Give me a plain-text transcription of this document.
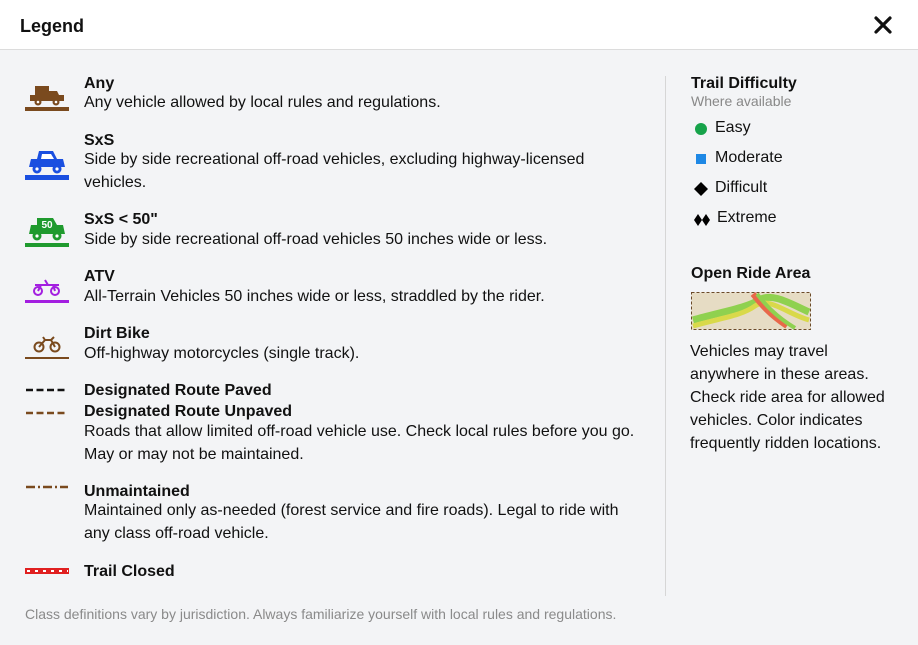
Legend
Any
Any vehicle allowed by local rules and regulations.
SxS
Side by side recreational off-road vehicles, excluding highway-licensed
vehicles.
50 SxS < 50"
Side by side recreational off-road vehicles 50 inches wide or less.
ATV
All-Terrain Vehicles 50 inches wide or less, straddled by the rider.
Dirt Bike
Off-highway motorcycles (single track).
Designated Route Paved
Designated Route Unpaved
Roads that allow limited off-road vehicle use. Check local rules before you go.
May or may not be maintained.
Unmaintained
Maintained only as-needed (forest service and fire roads). Legal to ride with
any class off-road vehicle.
Trail Closed
Trail Difficulty
Where available
Easy
Moderate
Difficult
Extreme
Open Ride Area
Vehicles may travel
anywhere in these areas.
Check ride area for allowed
vehicles. Color indicates
frequently ridden locations.
Class definitions vary by jurisdiction. Always familiarize yourself with local rules and regulations.
